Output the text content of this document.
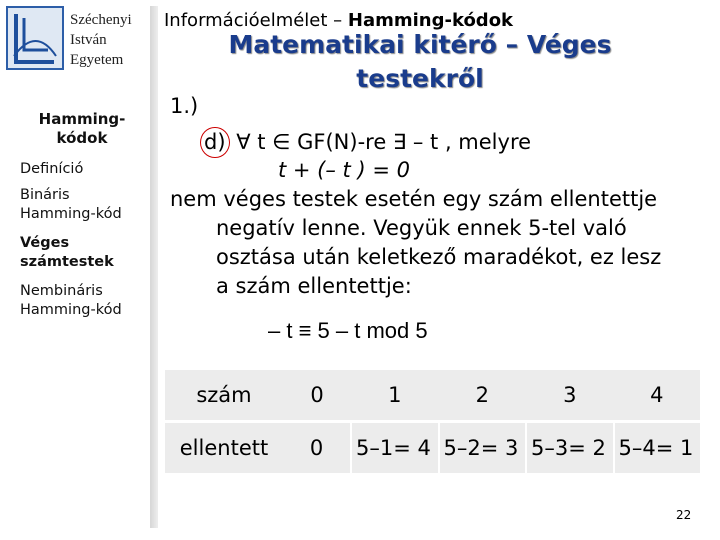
Széchenyi
István
Egyetem
Információelmélet – Hamming-kódok
Hamming-kódok
Definíció
Bináris Hamming-kód
Véges számtestek
Nembináris Hamming-kód
Matematikai kitérő – Véges testekről
1.)
d) ∀ t ∈ GF(N)-re ∃ – t , melyre
t + (– t ) = 0
nem véges testek esetén egy szám ellentettje
negatív lenne. Vegyük ennek 5-tel való osztása után keletkező maradékot, ez lesz a szám ellentettje:
– t ≡ 5 – t mod 5
szám	0	1	2	3	4
ellentett	0	5–1= 4	5–2= 3	5–3= 2	5–4= 1
22
